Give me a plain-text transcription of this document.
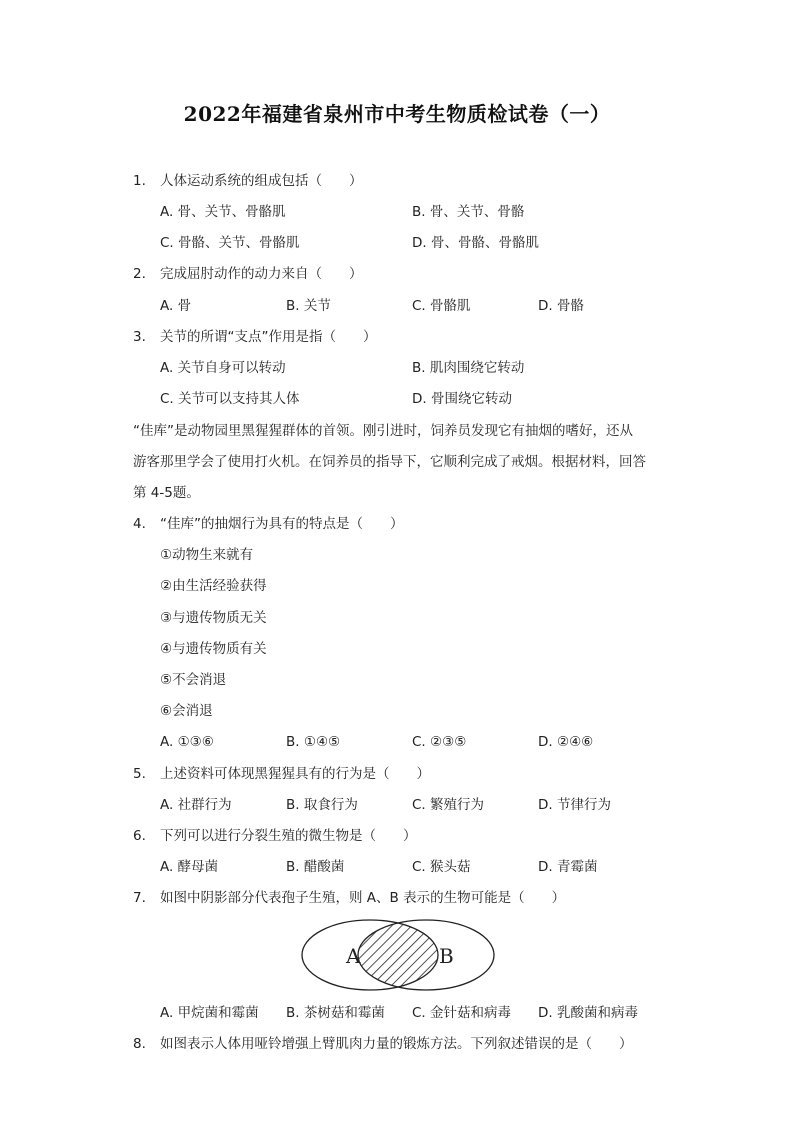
2022年福建省泉州市中考生物质检试卷（一）
1. 人体运动系统的组成包括（　　）
A. 骨、关节、骨骼肌	B. 骨、关节、骨骼
C. 骨骼、关节、骨骼肌	D. 骨、骨骼、骨骼肌
2. 完成屈肘动作的动力来自（　　）
A. 骨	B. 关节	C. 骨骼肌	D. 骨骼
3. 关节的所谓“支点”作用是指（　　）
A. 关节自身可以转动	B. 肌肉围绕它转动
C. 关节可以支持其人体	D. 骨围绕它转动
“佳库”是动物园里黑猩猩群体的首领。刚引进时，饲养员发现它有抽烟的嗜好，还从
游客那里学会了使用打火机。在饲养员的指导下，它顺利完成了戒烟。根据材料，回答
第 4-5题。
4. “佳库”的抽烟行为具有的特点是（　　）
①动物生来就有
②由生活经验获得
③与遗传物质无关
④与遗传物质有关
⑤不会消退
⑥会消退
A. ①③⑥	B. ①④⑤	C. ②③⑤	D. ②④⑥
5. 上述资料可体现黑猩猩具有的行为是（　　）
A. 社群行为	B. 取食行为	C. 繁殖行为	D. 节律行为
6. 下列可以进行分裂生殖的微生物是（　　）
A. 酵母菌	B. 醋酸菌	C. 猴头菇	D. 青霉菌
7. 如图中阴影部分代表孢子生殖，则 A、B 表示的生物可能是（　　）
A	B
A. 甲烷菌和霉菌 B. 茶树菇和霉菌 C. 金针菇和病毒 D. 乳酸菌和病毒
8. 如图表示人体用哑铃增强上臂肌肉力量的锻炼方法。下列叙述错误的是（　　）
